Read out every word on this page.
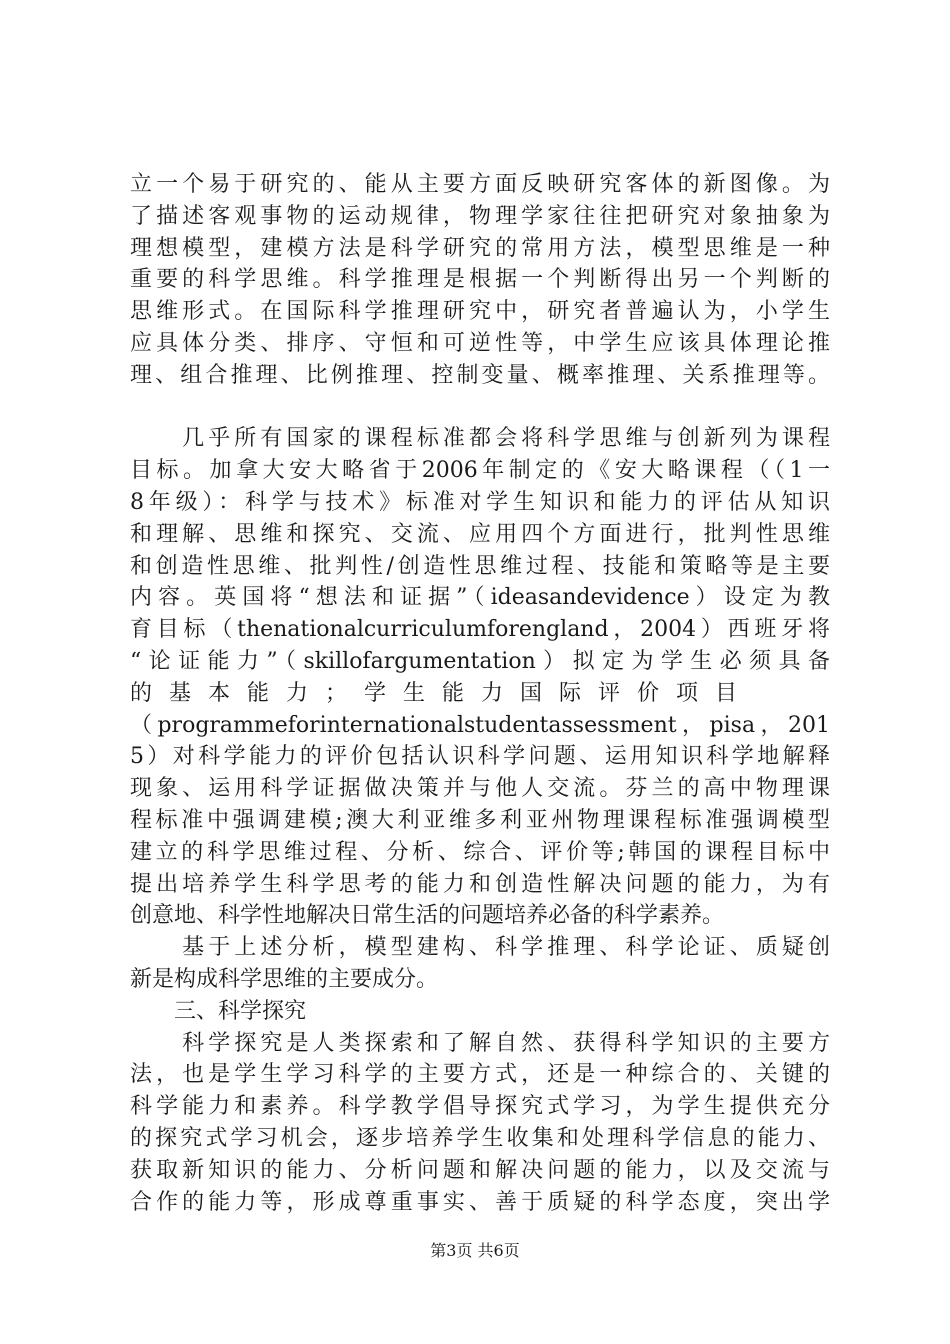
立一个易于研究的、能从主要方面反映研究客体的新图像。为
了描述客观事物的运动规律，物理学家往往把研究对象抽象为
理想模型，建模方法是科学研究的常用方法，模型思维是一种
重要的科学思维。科学推理是根据一个判断得出另一个判断的
思维形式。在国际科学推理研究中，研究者普遍认为，小学生
应具体分类、排序、守恒和可逆性等，中学生应该具体理论推
理、组合推理、比例推理、控制变量、概率推理、关系推理等。
　　几乎所有国家的课程标准都会将科学思维与创新列为课程
目标。加拿大安大略省于2006年制定的《安大略课程（（1一
8年级）：科学与技术》标准对学生知识和能力的评估从知识
和理解、思维和探究、交流、应用四个方面进行，批判性思维
和创造性思维、批判性/创造性思维过程、技能和策略等是主要
内容。英国将“想法和证据”（ideasandevidence）设定为教
育目标（thenationalcurriculumforengland，2004）西班牙将
“论证能力”（skillofargumentation）拟定为学生必须具备
的基本能力；学生能力国际评价项目
（programmeforinternationalstudentassessment，pisa，201
5）对科学能力的评价包括认识科学问题、运用知识科学地解释
现象、运用科学证据做决策并与他人交流。芬兰的高中物理课
程标准中强调建模;澳大利亚维多利亚州物理课程标准强调模型
建立的科学思维过程、分析、综合、评价等;韩国的课程目标中
提出培养学生科学思考的能力和创造性解决问题的能力，为有
创意地、科学性地解决日常生活的问题培养必备的科学素养。
　　基于上述分析，模型建构、科学推理、科学论证、质疑创
新是构成科学思维的主要成分。
　　三、科学探究
　　科学探究是人类探索和了解自然、获得科学知识的主要方
法，也是学生学习科学的主要方式，还是一种综合的、关键的
科学能力和素养。科学教学倡导探究式学习，为学生提供充分
的探究式学习机会，逐步培养学生收集和处理科学信息的能力、
获取新知识的能力、分析问题和解决问题的能力，以及交流与
合作的能力等，形成尊重事实、善于质疑的科学态度，突出学
第3页 共6页
